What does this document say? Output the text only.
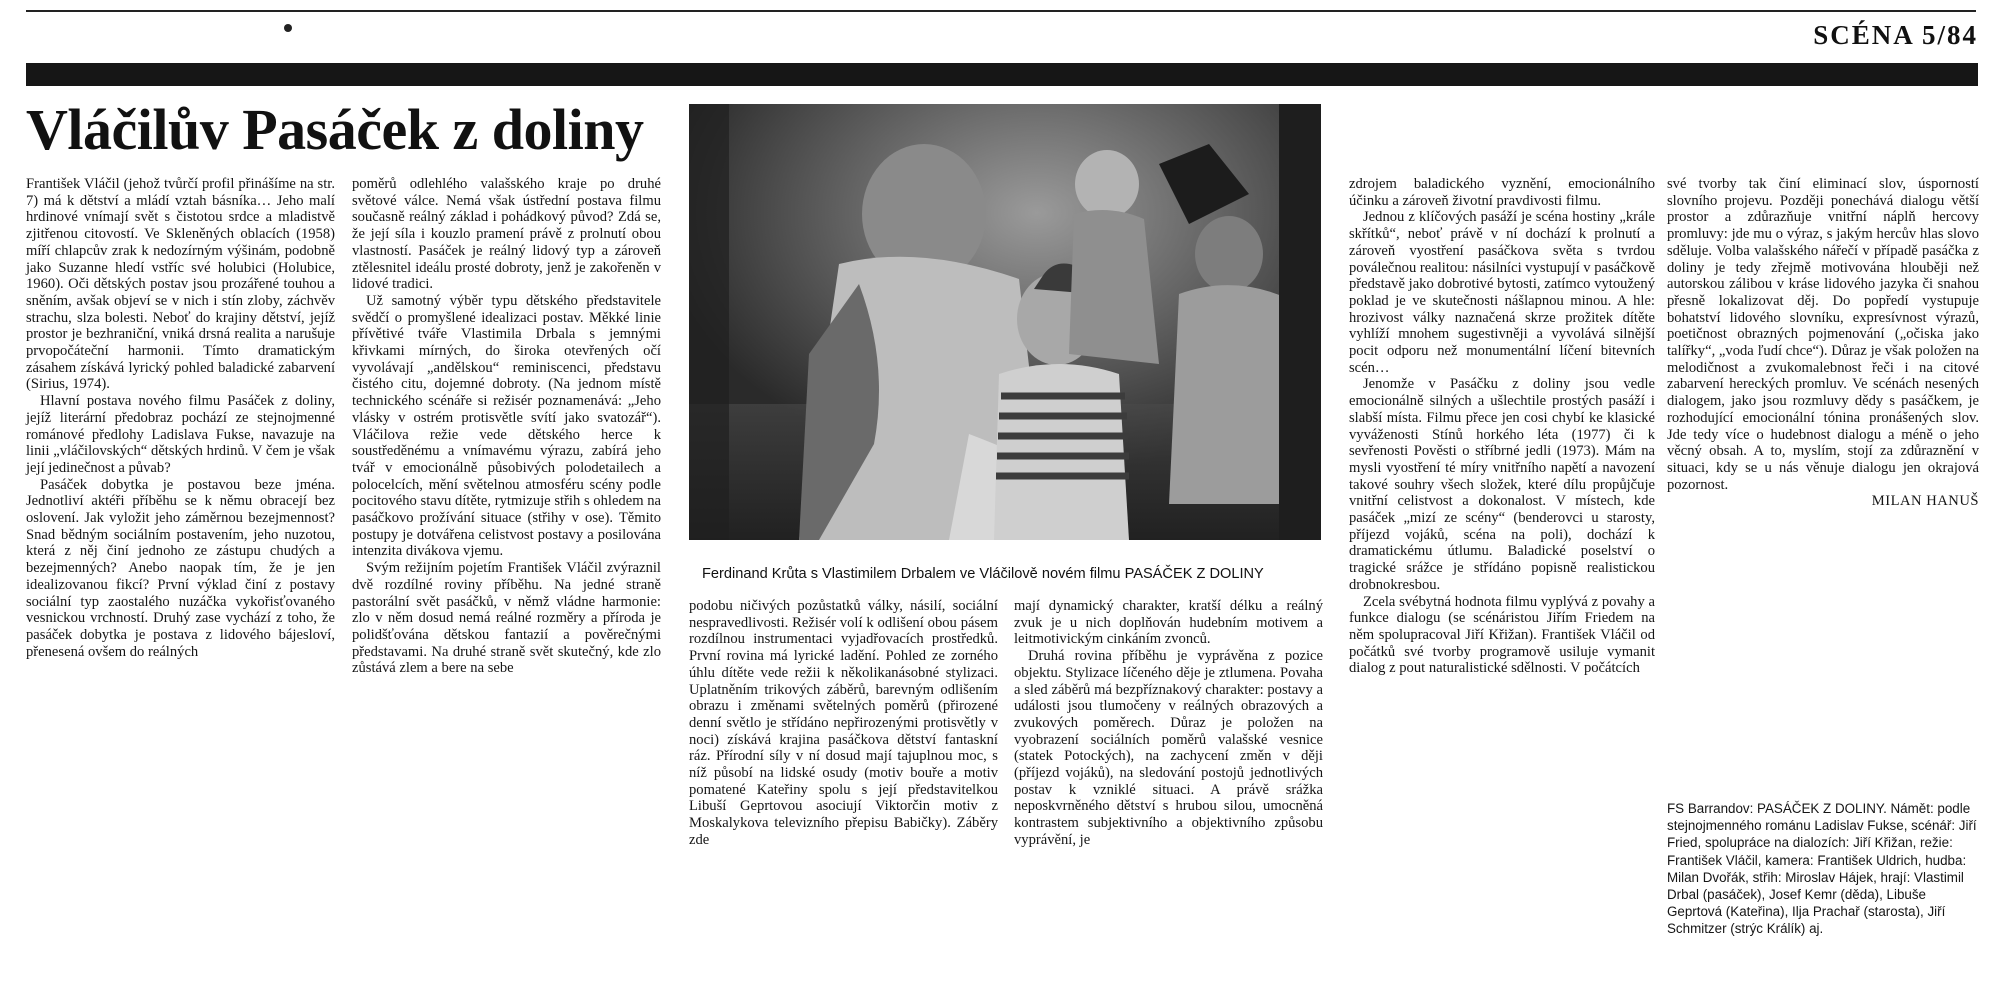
SCÉNA 5/84
Vláčilův Pasáček z doliny
Ferdinand Krůta s Vlastimilem Drbalem ve Vláčilově novém filmu PASÁČEK Z DOLINY

František Vláčil (jehož tvůrčí profil přinášíme na str. 7) má k dětství a mládí vztah básníka… Jeho malí hrdinové vnímají svět s čistotou srdce a mladistvě zjitřenou citovostí. Ve Skleněných oblacích (1958) míří chlapcův zrak k nedozírným výšinám, podobně jako Suzanne hledí vstříc své holubici (Holubice, 1960). Oči dětských postav jsou prozářené touhou a sněním, avšak objeví se v nich i stín zloby, záchvěv strachu, slza bolesti. Neboť do krajiny dětství, jejíž prostor je bezhraniční, vniká drsná realita a narušuje prvopočáteční harmonii. Tímto dramatickým zásahem získává lyrický pohled baladické zabarvení (Sirius, 1974).

Hlavní postava nového filmu Pasáček z doliny, jejíž literární předobraz pochází ze stejnojmenné románové předlohy Ladislava Fukse, navazuje na linii „vláčilovských“ dětských hrdinů. V čem je však její jedinečnost a půvab?

Pasáček dobytka je postavou beze jména. Jednotliví aktéři příběhu se k němu obracejí bez oslovení. Jak vyložit jeho záměrnou bezejmennost? Snad bědným sociálním postavením, jeho nuzotou, která z něj činí jednoho ze zástupu chudých a bezejmenných? Anebo naopak tím, že je jen idealizovanou fikcí? První výklad činí z postavy sociální typ zaostalého nuzáčka vykořisťovaného vesnickou vrchností. Druhý zase vychází z toho, že pasáček dobytka je postava z lidového bájesloví, přenesená ovšem do reálných

poměrů odlehlého valašského kraje po druhé světové válce. Nemá však ústřední postava filmu současně reálný základ i pohádkový původ? Zdá se, že její síla i kouzlo pramení právě z prolnutí obou vlastností. Pasáček je reálný lidový typ a zároveň ztělesnitel ideálu prosté dobroty, jenž je zakořeněn v lidové tradici.

Už samotný výběr typu dětského představitele svědčí o promyšlené idealizaci postav. Měkké linie přívětivé tváře Vlastimila Drbala s jemnými křivkami mírných, do široka otevřených očí vyvolávají „andělskou“ reminiscenci, představu čistého citu, dojemné dobroty. (Na jednom místě technického scénáře si režisér poznamenává: „Jeho vlásky v ostrém protisvětle svítí jako svatozář“). Vláčilova režie vede dětského herce k soustředěnému a vnímavému výrazu, zabírá jeho tvář v emocionálně působivých polodetailech a polocelcích, mění světelnou atmosféru scény podle pocitového stavu dítěte, rytmizuje střih s ohledem na pasáčkovo prožívání situace (střihy v ose). Těmito postupy je dotvářena celistvost postavy a posilována intenzita divákova vjemu.

Svým režijním pojetím František Vláčil zvýraznil dvě rozdílné roviny příběhu. Na jedné straně pastorální svět pasáčků, v němž vládne harmonie: zlo v něm dosud nemá reálné rozměry a příroda je polidšťována dětskou fantazií a pověrečnými představami. Na druhé straně svět skutečný, kde zlo zůstává zlem a bere na sebe

podobu ničivých pozůstatků války, násilí, sociální nespravedlivosti. Režisér volí k odlišení obou pásem rozdílnou instrumentaci vyjadřovacích prostředků. První rovina má lyrické ladění. Pohled ze zorného úhlu dítěte vede režii k několikanásobné stylizaci. Uplatněním trikových záběrů, barevným odlišením obrazu i změnami světelných poměrů (přirozené denní světlo je střídáno nepřirozenými protisvětly v noci) získává krajina pasáčkova dětství fantaskní ráz. Přírodní síly v ní dosud mají tajuplnou moc, s níž působí na lidské osudy (motiv bouře a motiv pomatené Kateřiny spolu s její představitelkou Libuší Geprtovou asociují Viktorčin motiv z Moskalykova televizního přepisu Babičky). Záběry zde

mají dynamický charakter, kratší délku a reálný zvuk je u nich doplňován hudebním motivem a leitmotivickým cinkáním zvonců.

Druhá rovina příběhu je vyprávěna z pozice objektu. Stylizace líčeného děje je ztlumena. Povaha a sled záběrů má bezpříznakový charakter: postavy a události jsou tlumočeny v reálných obrazových a zvukových poměrech. Důraz je položen na vyobrazení sociálních poměrů valašské vesnice (statek Potockých), na zachycení změn v ději (příjezd vojáků), na sledování postojů jednotlivých postav k vzniklé situaci. A právě srážka neposkvrněného dětství s hrubou silou, umocněná kontrastem subjektivního a objektivního způsobu vyprávění, je

zdrojem baladického vyznění, emocionálního účinku a zároveň životní pravdivosti filmu.

Jednou z klíčových pasáží je scéna hostiny „krále skřítků“, neboť právě v ní dochází k prolnutí a zároveň vyostření pasáčkova světa s tvrdou poválečnou realitou: násilníci vystupují v pasáčkově představě jako dobrotivé bytosti, zatímco vytoužený poklad je ve skutečnosti nášlapnou minou. A hle: hrozivost války naznačená skrze prožitek dítěte vyhlíží mnohem sugestivněji a vyvolává silnější pocit odporu než monumentální líčení bitevních scén…

Jenomže v Pasáčku z doliny jsou vedle emocionálně silných a ušlechtile prostých pasáží i slabší místa. Filmu přece jen cosi chybí ke klasické vyváženosti Stínů horkého léta (1977) či k sevřenosti Pověsti o stříbrné jedli (1973). Mám na mysli vyostření té míry vnitřního napětí a navození takové souhry všech složek, které dílu propůjčuje vnitřní celistvost a dokonalost. V místech, kde pasáček „mizí ze scény“ (benderovci u starosty, příjezd vojáků, scéna na poli), dochází k dramatickému útlumu. Baladické poselství o tragické srážce je střídáno popisně realistickou drobnokresbou.

Zcela svébytná hodnota filmu vyplývá z povahy a funkce dialogu (se scénáristou Jiřím Friedem na něm spolupracoval Jiří Křižan). František Vláčil od počátků své tvorby programově usiluje vymanit dialog z pout naturalistické sdělnosti. V počátcích

své tvorby tak činí eliminací slov, úsporností slovního projevu. Později ponechává dialogu větší prostor a zdůrazňuje vnitřní náplň hercovy promluvy: jde mu o výraz, s jakým hercův hlas slovo sděluje. Volba valašského nářečí v případě pasáčka z doliny je tedy zřejmě motivována hlouběji než autorskou zálibou v kráse lidového jazyka či snahou přesně lokalizovat děj. Do popředí vystupuje bohatství lidového slovníku, expresívnost výrazů, poetičnost obrazných pojmenování („očiska jako talířky“, „voda ľudí chce“). Důraz je však položen na melodičnost a zvukomalebnost řeči i na citové zabarvení hereckých promluv. Ve scénách nesených dialogem, jako jsou rozmluvy dědy s pasáčkem, je rozhodující emocionální tónina pronášených slov. Jde tedy více o hudebnost dialogu a méně o jeho věcný obsah. A to, myslím, stojí za zdůraznění v situaci, kdy se u nás věnuje dialogu jen okrajová pozornost.

MILAN HANUŠ

FS Barrandov: PASÁČEK Z DOLINY. Námět: podle stejnojmenného románu Ladislav Fukse, scénář: Jiří Fried, spolupráce na dialozích: Jiří Křižan, režie: František Vláčil, kamera: František Uldrich, hudba: Milan Dvořák, střih: Miroslav Hájek, hrají: Vlastimil Drbal (pasáček), Josef Kemr (děda), Libuše Geprtová (Kateřina), Ilja Prachař (starosta), Jiří Schmitzer (strýc Králík) aj.
